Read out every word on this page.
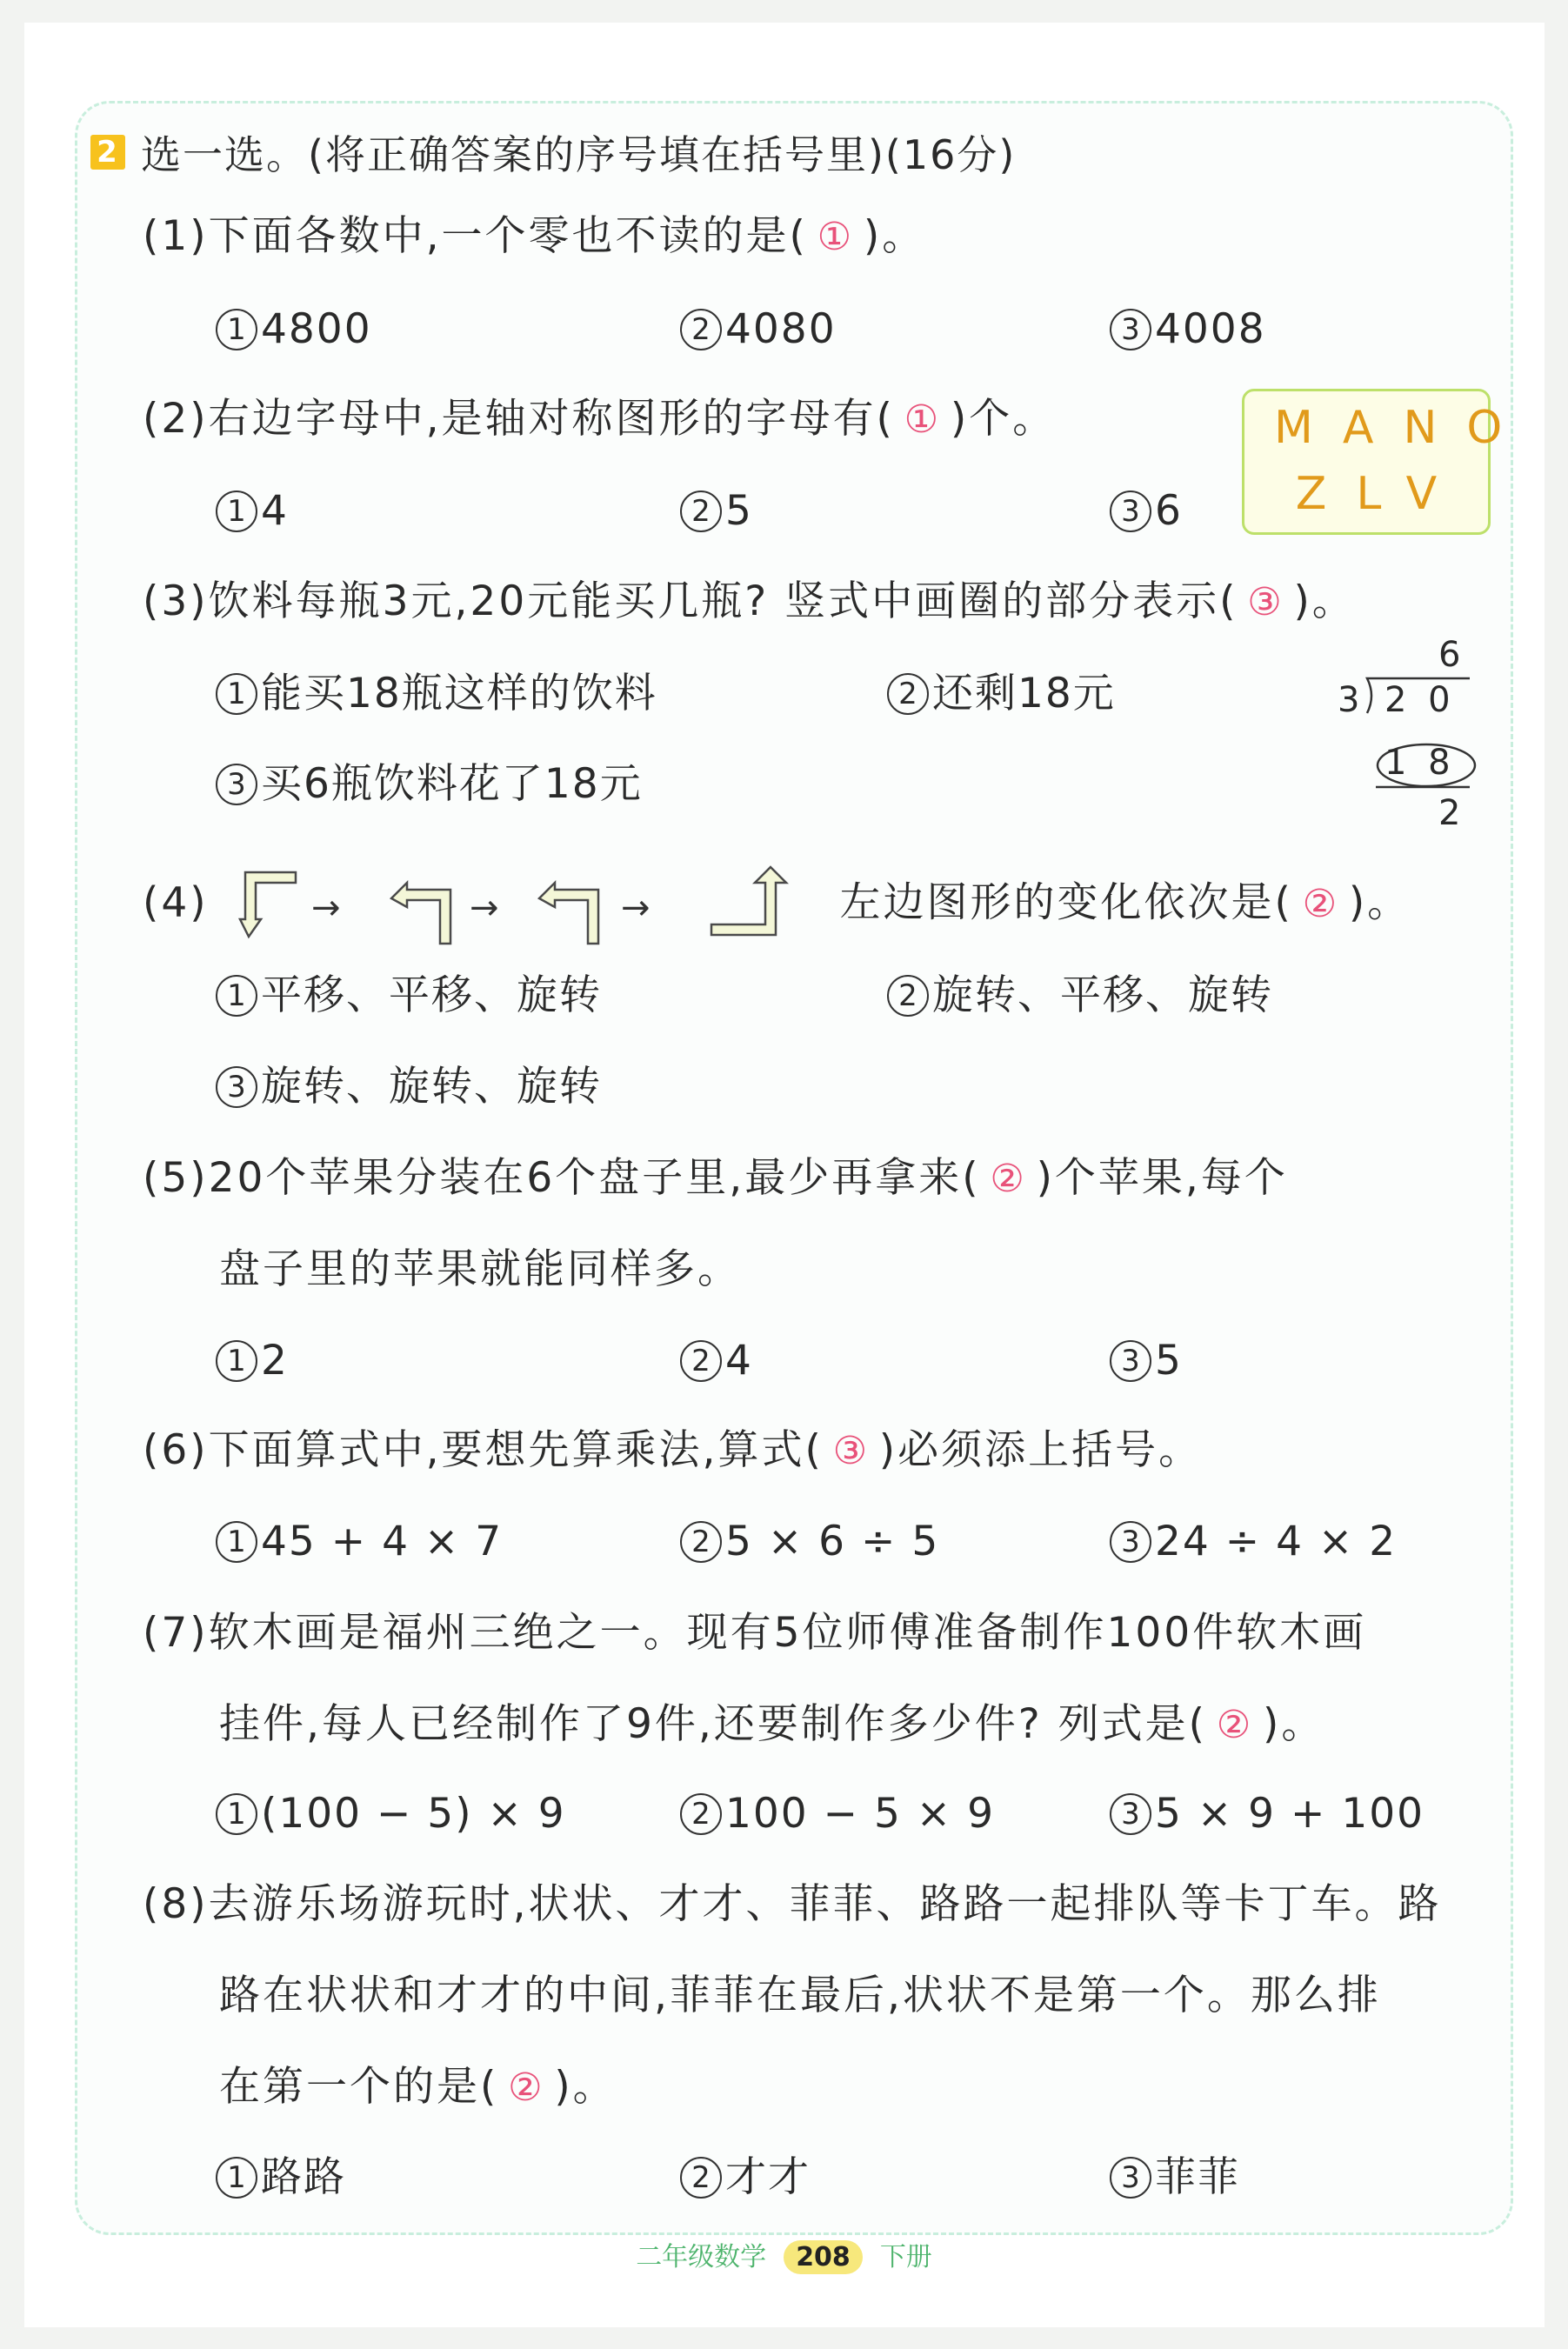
2 选一选。(将正确答案的序号填在括号里)(16分)
(1)下面各数中,一个零也不读的是( ① )。
1 4800	2 4080	3 4008
(2)右边字母中,是轴对称图形的字母有( ① )个。	MANO
ZLV
1 4	2 5	3 6
(3)饮料每瓶3元,20元能买几瓶? 竖式中画圈的部分表示( ③ )。
1 能买18瓶这样的饮料	2 还剩18元
3 买6瓶饮料花了18元
6
3 2 0
1 8
2
(4)	→	→	→	左边图形的变化依次是( ② )。
1 平移、平移、旋转	2 旋转、平移、旋转
3 旋转、旋转、旋转
(5)20个苹果分装在6个盘子里,最少再拿来( ② )个苹果,每个
盘子里的苹果就能同样多。
1 2	2 4	3 5
(6)下面算式中,要想先算乘法,算式( ③ )必须添上括号。
1 45 + 4 × 7	2 5 × 6 ÷ 5	3 24 ÷ 4 × 2
(7)软木画是福州三绝之一。现有5位师傅准备制作100件软木画
挂件,每人已经制作了9件,还要制作多少件? 列式是( ② )。
1 (100 − 5) × 9	2 100 − 5 × 9	3 5 × 9 + 100
(8)去游乐场游玩时,状状、才才、菲菲、路路一起排队等卡丁车。路
路在状状和才才的中间,菲菲在最后,状状不是第一个。那么排
在第一个的是( ② )。
1 路路	2 才才	3 菲菲
二年级数学 208 下册
